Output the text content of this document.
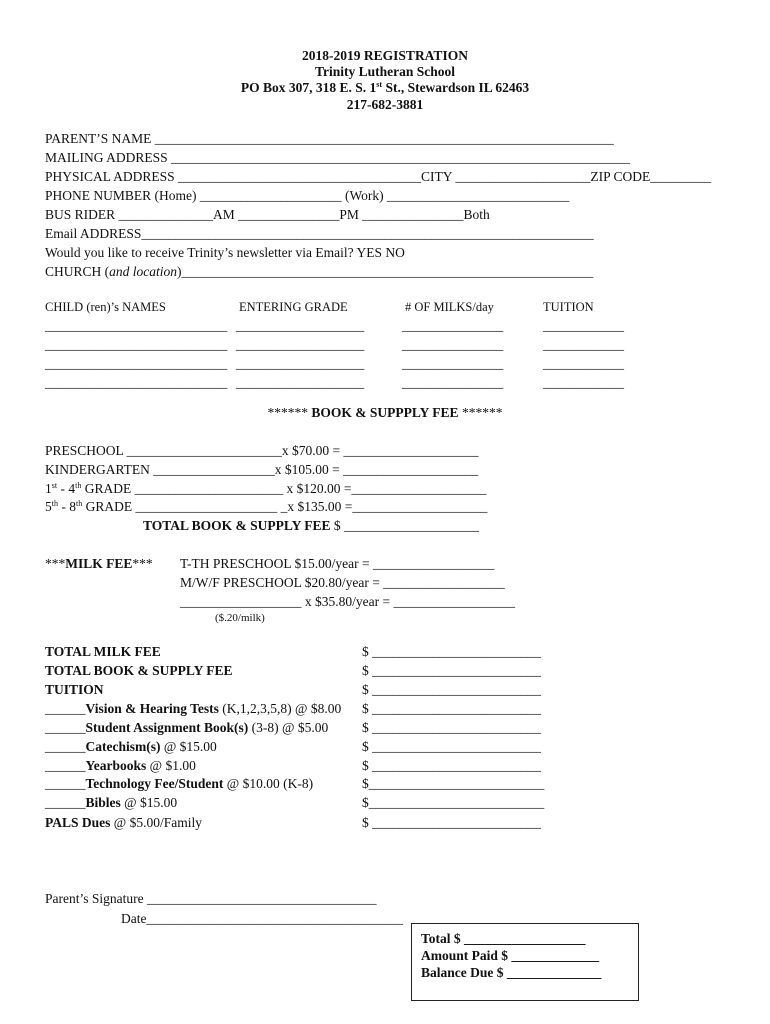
2018-2019 REGISTRATION
Trinity Lutheran School
PO Box 307, 318 E. S. 1st St., Stewardson IL 62463
217-682-3881
PARENT’S NAME ____________________________________________________________________
MAILING ADDRESS ____________________________________________________________________
PHYSICAL ADDRESS ____________________________________CITY ____________________ZIP CODE_________
PHONE NUMBER (Home) _____________________ (Work) ___________________________
BUS RIDER ______________AM _______________PM _______________Both
Email ADDRESS___________________________________________________________________
Would you like to receive Trinity’s newsletter via Email? YES NO
CHURCH (and location)_____________________________________________________________
CHILD (ren)’s NAMES	ENTERING GRADE	# OF MILKS/day	TUITION
___________________________ ___________________	_______________	____________
___________________________ ___________________	_______________	____________
___________________________ ___________________	_______________	____________
___________________________ ___________________	_______________	____________
****** BOOK & SUPPPLY FEE ******
PRESCHOOL _______________________x $70.00 = ____________________
KINDERGARTEN __________________x $105.00 = ____________________
1st - 4th GRADE ______________________ x $120.00 =____________________
5th - 8th GRADE _____________________ _x $135.00 =____________________
TOTAL BOOK & SUPPLY FEE $ ____________________
***MILK FEE*** T-TH PRESCHOOL $15.00/year = __________________
M/W/F PRESCHOOL $20.80/year = __________________
__________________ x $35.80/year = __________________
($.20/milk)
TOTAL MILK FEE	$ _________________________
TOTAL BOOK & SUPPLY FEE	$ _________________________
TUITION	$ _________________________
______Vision & Hearing Tests (K,1,2,3,5,8) @ $8.00 $ _________________________
______Student Assignment Book(s) (3-8) @ $5.00	$ _________________________
______Catechism(s) @ $15.00	$ _________________________
______Yearbooks @ $1.00	$ _________________________
______Technology Fee/Student @ $10.00 (K-8)	$__________________________
______Bibles @ $15.00	$__________________________
PALS Dues @ $5.00/Family	$ _________________________
Parent’s Signature __________________________________
Date______________________________________
Total $ __________________
Amount Paid $ _____________
Balance Due $ ______________
